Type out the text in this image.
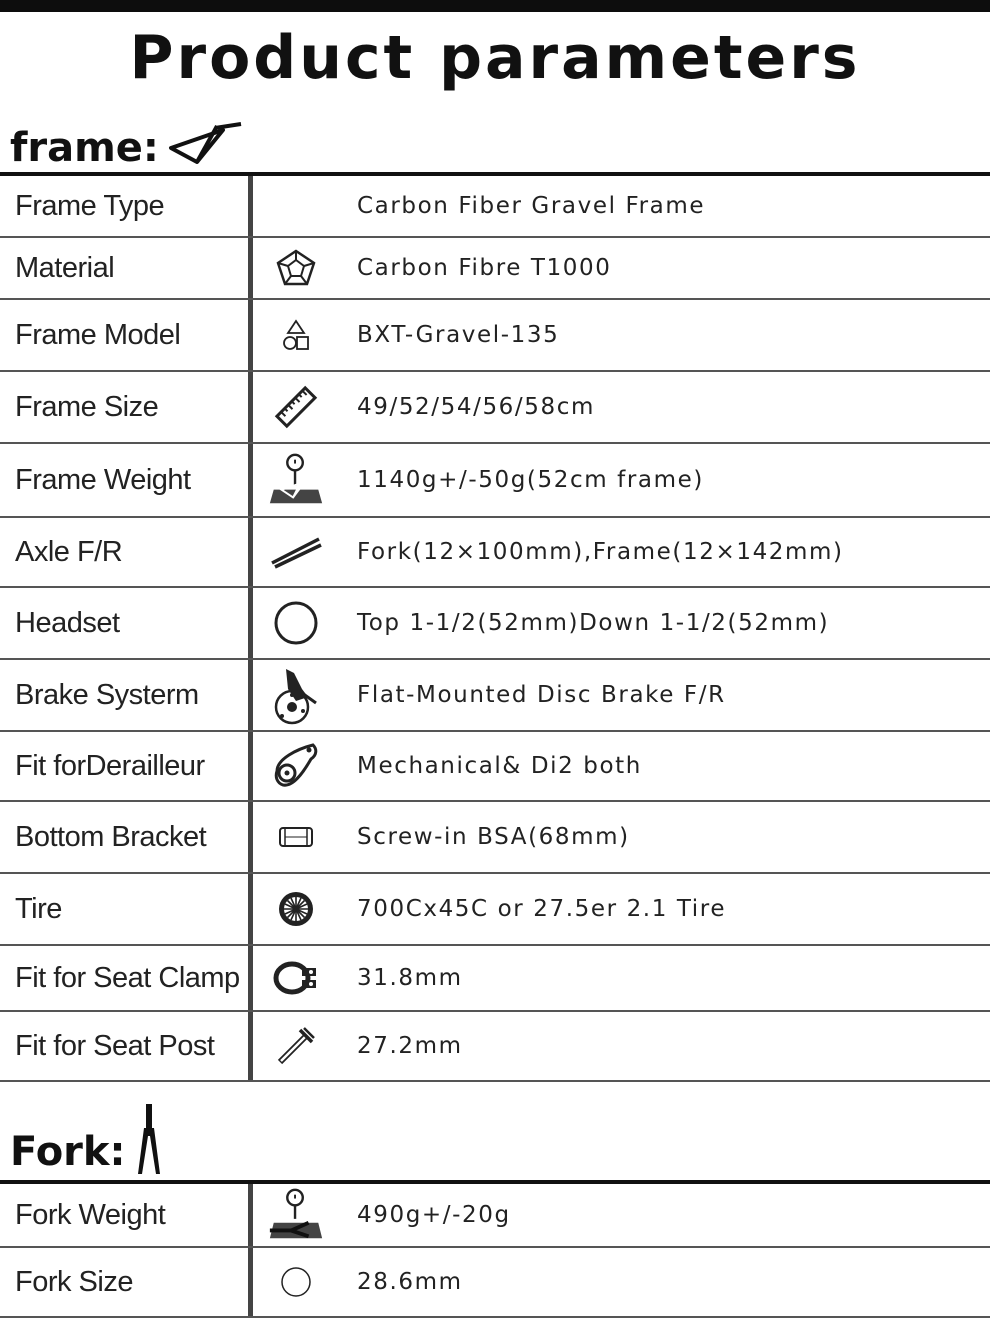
Product parameters
frame:
Frame Type	Carbon Fiber Gravel Frame
Material	Carbon Fibre T1000
Frame Model	BXT-Gravel-135
Frame Size	49/52/54/56/58cm
Frame Weight	1140g+/-50g(52cm frame)
Axle F/R	Fork(12×100mm),Frame(12×142mm)
Headset	Top 1-1/2(52mm)Down 1-1/2(52mm)
Brake Systerm	Flat-Mounted Disc Brake F/R
Fit forDerailleur	Mechanical& Di2 both
Bottom Bracket	Screw-in BSA(68mm)
Tire	700Cx45C or 27.5er 2.1 Tire
Fit for Seat Clamp	31.8mm
Fit for Seat Post	27.2mm
Fork:
Fork Weight	490g+/-20g
Fork Size	28.6mm
